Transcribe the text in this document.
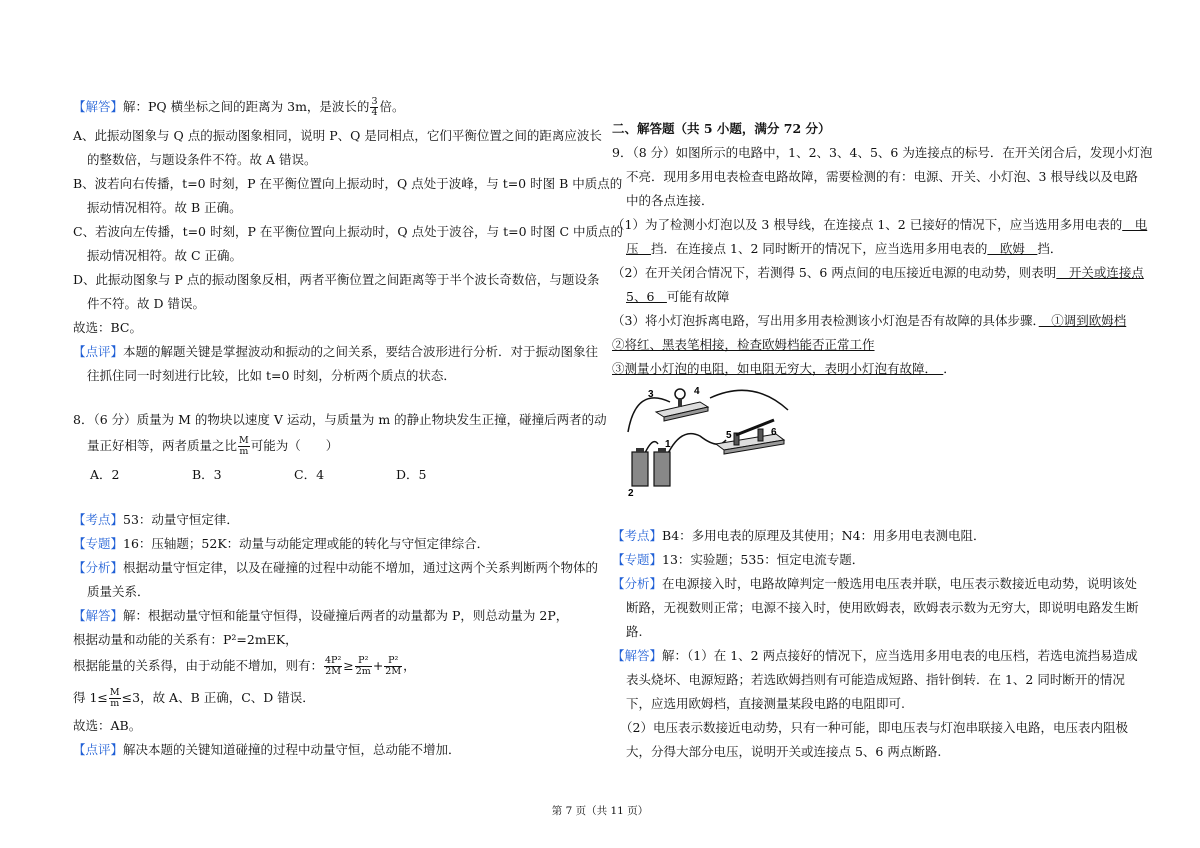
【解答】解：PQ 横坐标之间的距离为 3m，是波长的 $\frac{3}{4}$ 倍。
A、此振动图象与 Q 点的振动图象相同，说明 P、Q 是同相点，它们平衡位置之间的距离应波长
的整数倍，与题设条件不符。故 A 错误。
B、波若向右传播，t=0 时刻，P 在平衡位置向上振动时，Q 点处于波峰，与 t=0 时图 B 中质点的
振动情况相符。故 B 正确。
C、若波向左传播，t=0 时刻，P 在平衡位置向上振动时，Q 点处于波谷，与 t=0 时图 C 中质点的
振动情况相符。故 C 正确。
D、此振动图象与 P 点的振动图象反相，两者平衡位置之间距离等于半个波长奇数倍，与题设条
件不符。故 D 错误。
故选：BC。
【点评】本题的解题关键是掌握波动和振动的之间关系，要结合波形进行分析．对于振动图象往
往抓住同一时刻进行比较，比如 t=0 时刻，分析两个质点的状态．
8．（6 分）质量为 M 的物块以速度 V 运动，与质量为 m 的静止物块发生正撞，碰撞后两者的动
量正好相等，两者质量之比 $\frac{M}{m}$ 可能为（　　）
A．2	B．3	C．4	D．5
【考点】53：动量守恒定律．
【专题】16：压轴题；52K：动量与动能定理或能的转化与守恒定律综合．
【分析】根据动量守恒定律，以及在碰撞的过程中动能不增加，通过这两个关系判断两个物体的
质量关系．
【解答】解：根据动量守恒和能量守恒得，设碰撞后两者的动量都为 P，则总动量为 2P，
根据动量和动能的关系有：P²=2mEK，
根据能量的关系得，由于动能不增加，则有： $\frac{\text{4P²}}{2M} \ge \frac{\text{P²}}{2m} + \frac{\text{P²}}{2M}$ ，
得 $1\le \frac{M}{m} \le 3$，故 A、B 正确，C、D 错误．
故选：AB。
【点评】解决本题的关键知道碰撞的过程中动量守恒，总动能不增加．
二、解答题（共 5 小题，满分 72 分）
9．（8 分）如图所示的电路中，1、2、3、4、5、6 为连接点的标号．在开关闭合后，发现小灯泡
不亮．现用多用电表检查电路故障，需要检测的有：电源、开关、小灯泡、3 根导线以及电路
中的各点连接．
（1）为了检测小灯泡以及 3 根导线，在连接点 1、2 已接好的情况下，应当选用多用电表的　电
压　挡．在连接点 1、2 同时断开的情况下，应当选用多用电表的　欧姆　挡．
（2）在开关闭合情况下，若测得 5、6 两点间的电压接近电源的电动势，则表明　开关或连接点
5、6　可能有故障
（3）将小灯泡拆离电路，写出用多用表检测该小灯泡是否有故障的具体步骤．　①调到欧姆档
②将红、黑表笔相接，检查欧姆档能否正常工作
③测量小灯泡的电阻，如电阻无穷大，表明小灯泡有故障．　．
3	4
5	6
1
2
【考点】B4：多用电表的原理及其使用；N4：用多用电表测电阻．
【专题】13：实验题；535：恒定电流专题．
【分析】在电源接入时，电路故障判定一般选用电压表并联，电压表示数接近电动势，说明该处
断路，无视数则正常；电源不接入时，使用欧姆表，欧姆表示数为无穷大，即说明电路发生断
路.
【解答】解：（1）在 1、2 两点接好的情况下，应当选用多用电表的电压档，若选电流挡易造成
表头烧坏、电源短路；若选欧姆挡则有可能造成短路、指针倒转．在 1、2 同时断开的情况
下，应选用欧姆档，直接测量某段电路的电阻即可.
（2）电压表示数接近电动势，只有一种可能，即电压表与灯泡串联接入电路，电压表内阻极
大，分得大部分电压，说明开关或连接点 5、6 两点断路.
第 7 页（共 11 页）
